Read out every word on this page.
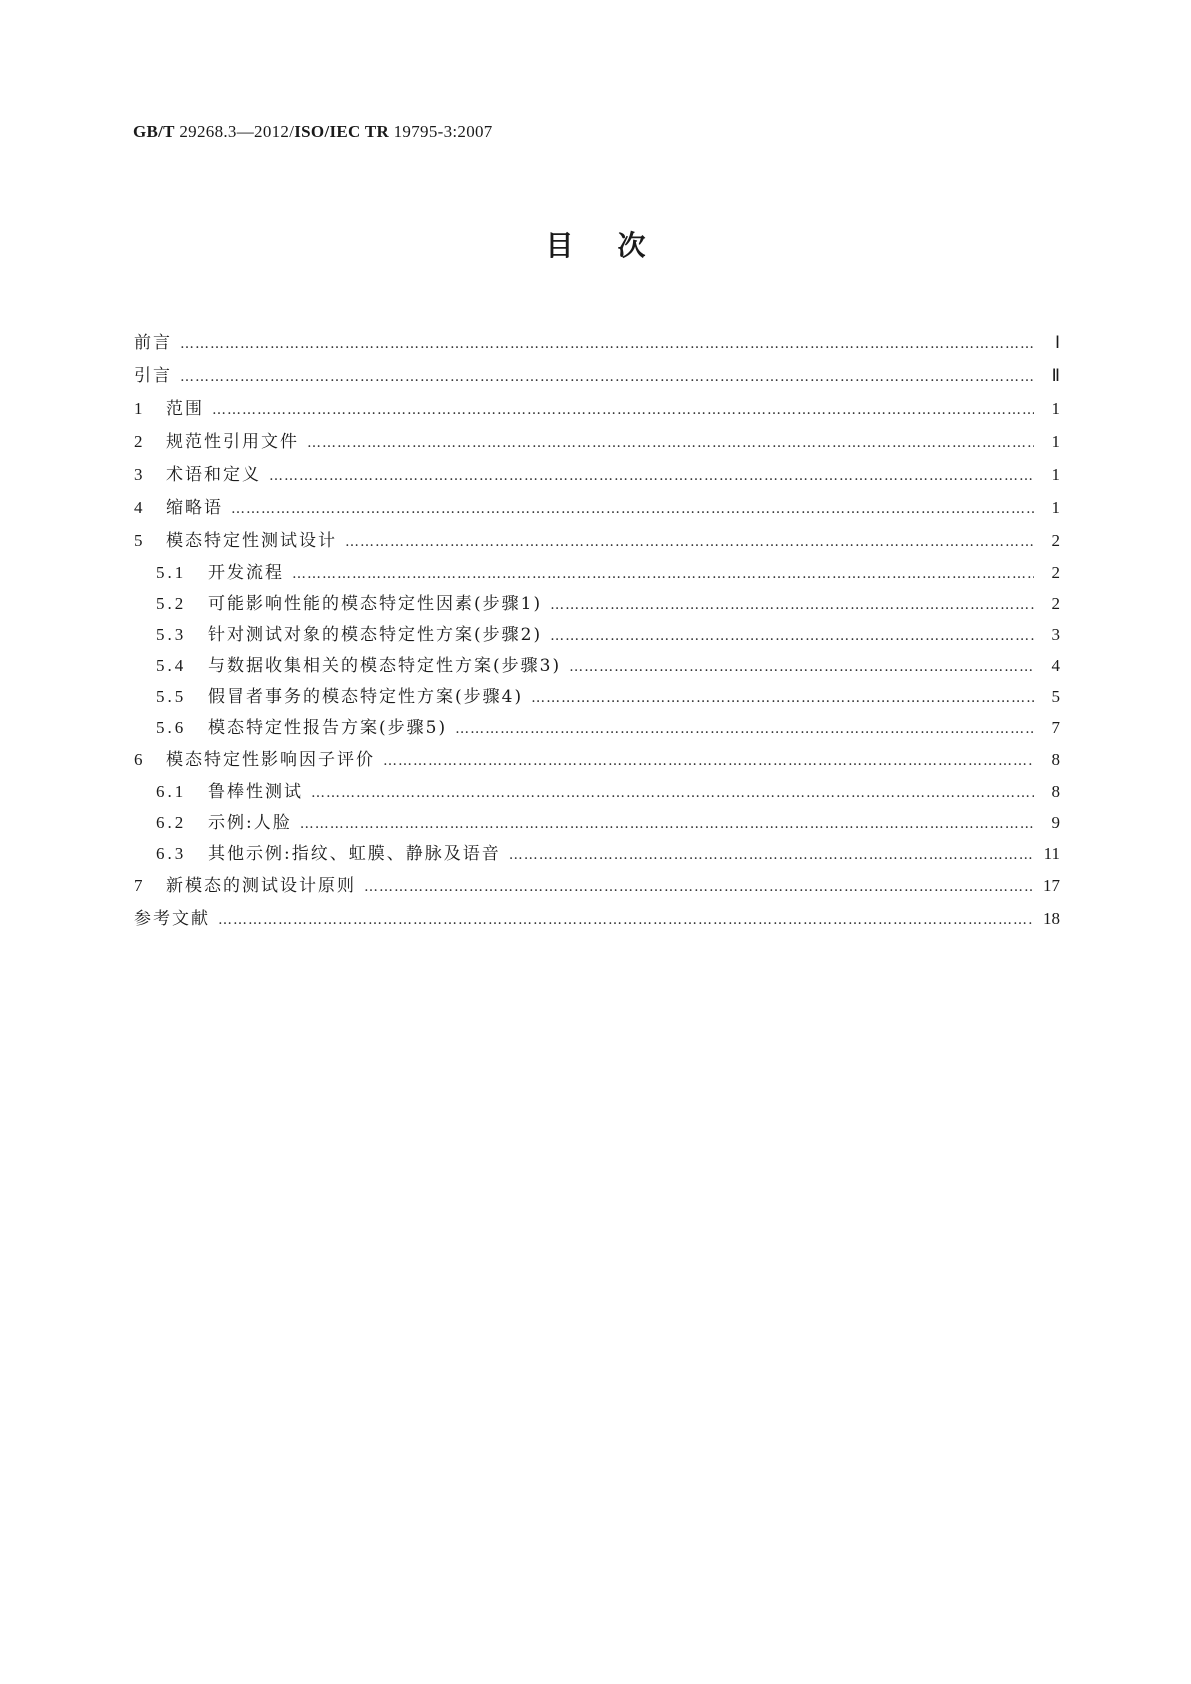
GB/T 29268.3—2012/ISO/IEC TR 19795-3:2007
目次
前言 …………………………………………………………………………………………………………………………………………………………………………………………………………………………………	Ⅰ
引言 …………………………………………………………………………………………………………………………………………………………………………………………………………………………………	Ⅱ
1	范围 …………………………………………………………………………………………………………………………………………………………………………………………………………………………………	1
2	规范性引用文件 …………………………………………………………………………………………………………………………………………………………………………………………………………………………………	1
3	术语和定义 …………………………………………………………………………………………………………………………………………………………………………………………………………………………………	1
4	缩略语 …………………………………………………………………………………………………………………………………………………………………………………………………………………………………	1
5	模态特定性测试设计 …………………………………………………………………………………………………………………………………………………………………………………………………………………………………	2
5.1	开发流程 …………………………………………………………………………………………………………………………………………………………………………………………………………………………………	2
5.2	可能影响性能的模态特定性因素(步骤1) …………………………………………………………………………………………………………………………………………………………………………………………………………………………………	2
5.3	针对测试对象的模态特定性方案(步骤2) …………………………………………………………………………………………………………………………………………………………………………………………………………………………………	3
5.4	与数据收集相关的模态特定性方案(步骤3) …………………………………………………………………………………………………………………………………………………………………………………………………………………………………	4
5.5	假冒者事务的模态特定性方案(步骤4) …………………………………………………………………………………………………………………………………………………………………………………………………………………………………	5
5.6	模态特定性报告方案(步骤5) …………………………………………………………………………………………………………………………………………………………………………………………………………………………………	7
6	模态特定性影响因子评价 …………………………………………………………………………………………………………………………………………………………………………………………………………………………………	8
6.1	鲁棒性测试 …………………………………………………………………………………………………………………………………………………………………………………………………………………………………	8
6.2	示例:人脸 …………………………………………………………………………………………………………………………………………………………………………………………………………………………………	9
6.3	其他示例:指纹、虹膜、静脉及语音 …………………………………………………………………………………………………………………………………………………………………………………………………………………………………	11
7	新模态的测试设计原则 …………………………………………………………………………………………………………………………………………………………………………………………………………………………………	17
参考文献 …………………………………………………………………………………………………………………………………………………………………………………………………………………………………	18
